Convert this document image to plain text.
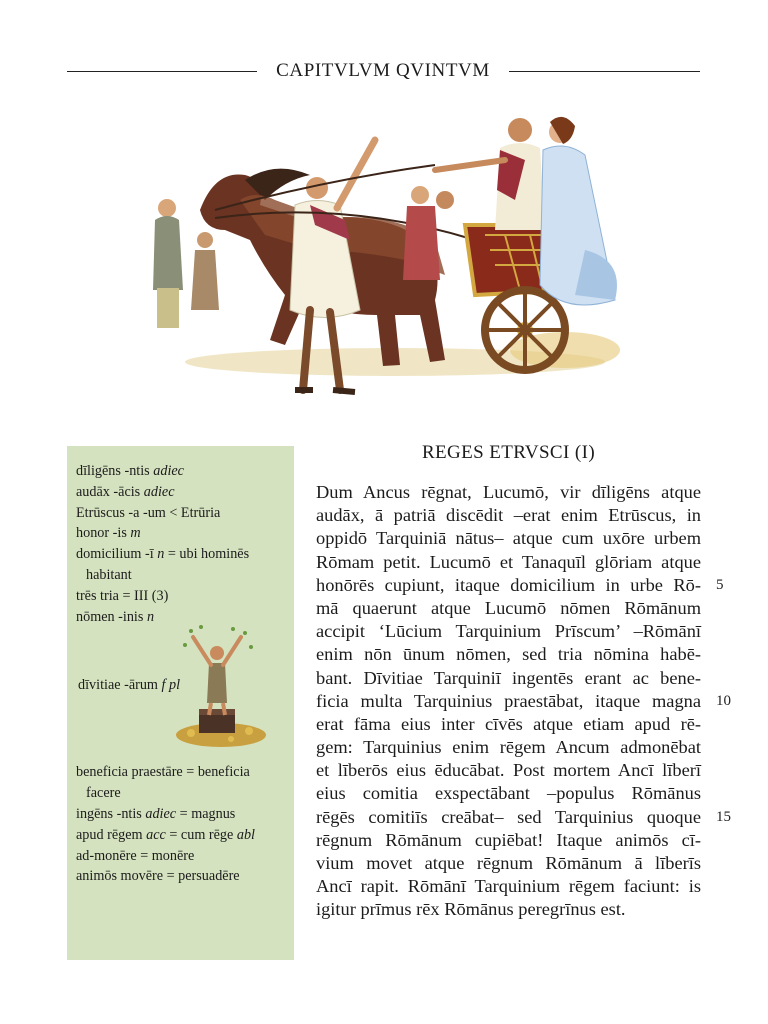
CAPITVLVM QVINTVM
dīligēns -ntis adiec
audāx -ācis adiec
Etrūscus -a -um < Etrūria
honor -is m
domicilium -ī n = ubi hominēs
habitant
trēs tria = III (3)
nōmen -inis n
dīvitiae -ārum f pl
beneficia praestāre = beneficia
facere
ingēns -ntis adiec = magnus
apud rēgem acc = cum rēge abl
ad-monēre = monēre
animōs movēre = persuadēre
REGES ETRVSCI (I)
Dum Ancus rēgnat, Lucumō, vir dīligēns atque
audāx, ā patriā discēdit –erat enim Etrūscus, in
oppidō Tarquiniā nātus– atque cum uxōre urbem
Rōmam petit. Lucumō et Tanaquīl glōriam atque
honōrēs cupiunt, itaque domicilium in urbe Rō-
mā quaerunt atque Lucumō nōmen Rōmānum
accipit ‘Lūcium Tarquinium Prīscum’ –Rōmānī
enim nōn ūnum nōmen, sed tria nōmina habē-
bant. Dīvitiae Tarquiniī ingentēs erant ac bene-
ficia multa Tarquinius praestābat, itaque magna
erat fāma eius inter cīvēs atque etiam apud rē-
gem: Tarquinius enim rēgem Ancum admonēbat
et līberōs eius ēducābat. Post mortem Ancī līberī
eius comitia exspectābant –populus Rōmānus
rēgēs comitiīs creābat– sed Tarquinius quoque
rēgnum Rōmānum cupiēbat! Itaque animōs cī-
vium movet atque rēgnum Rōmānum ā līberīs
Ancī rapit. Rōmānī Tarquinium rēgem faciunt: is
igitur prīmus rēx Rōmānus peregrīnus est.
5
10
15
